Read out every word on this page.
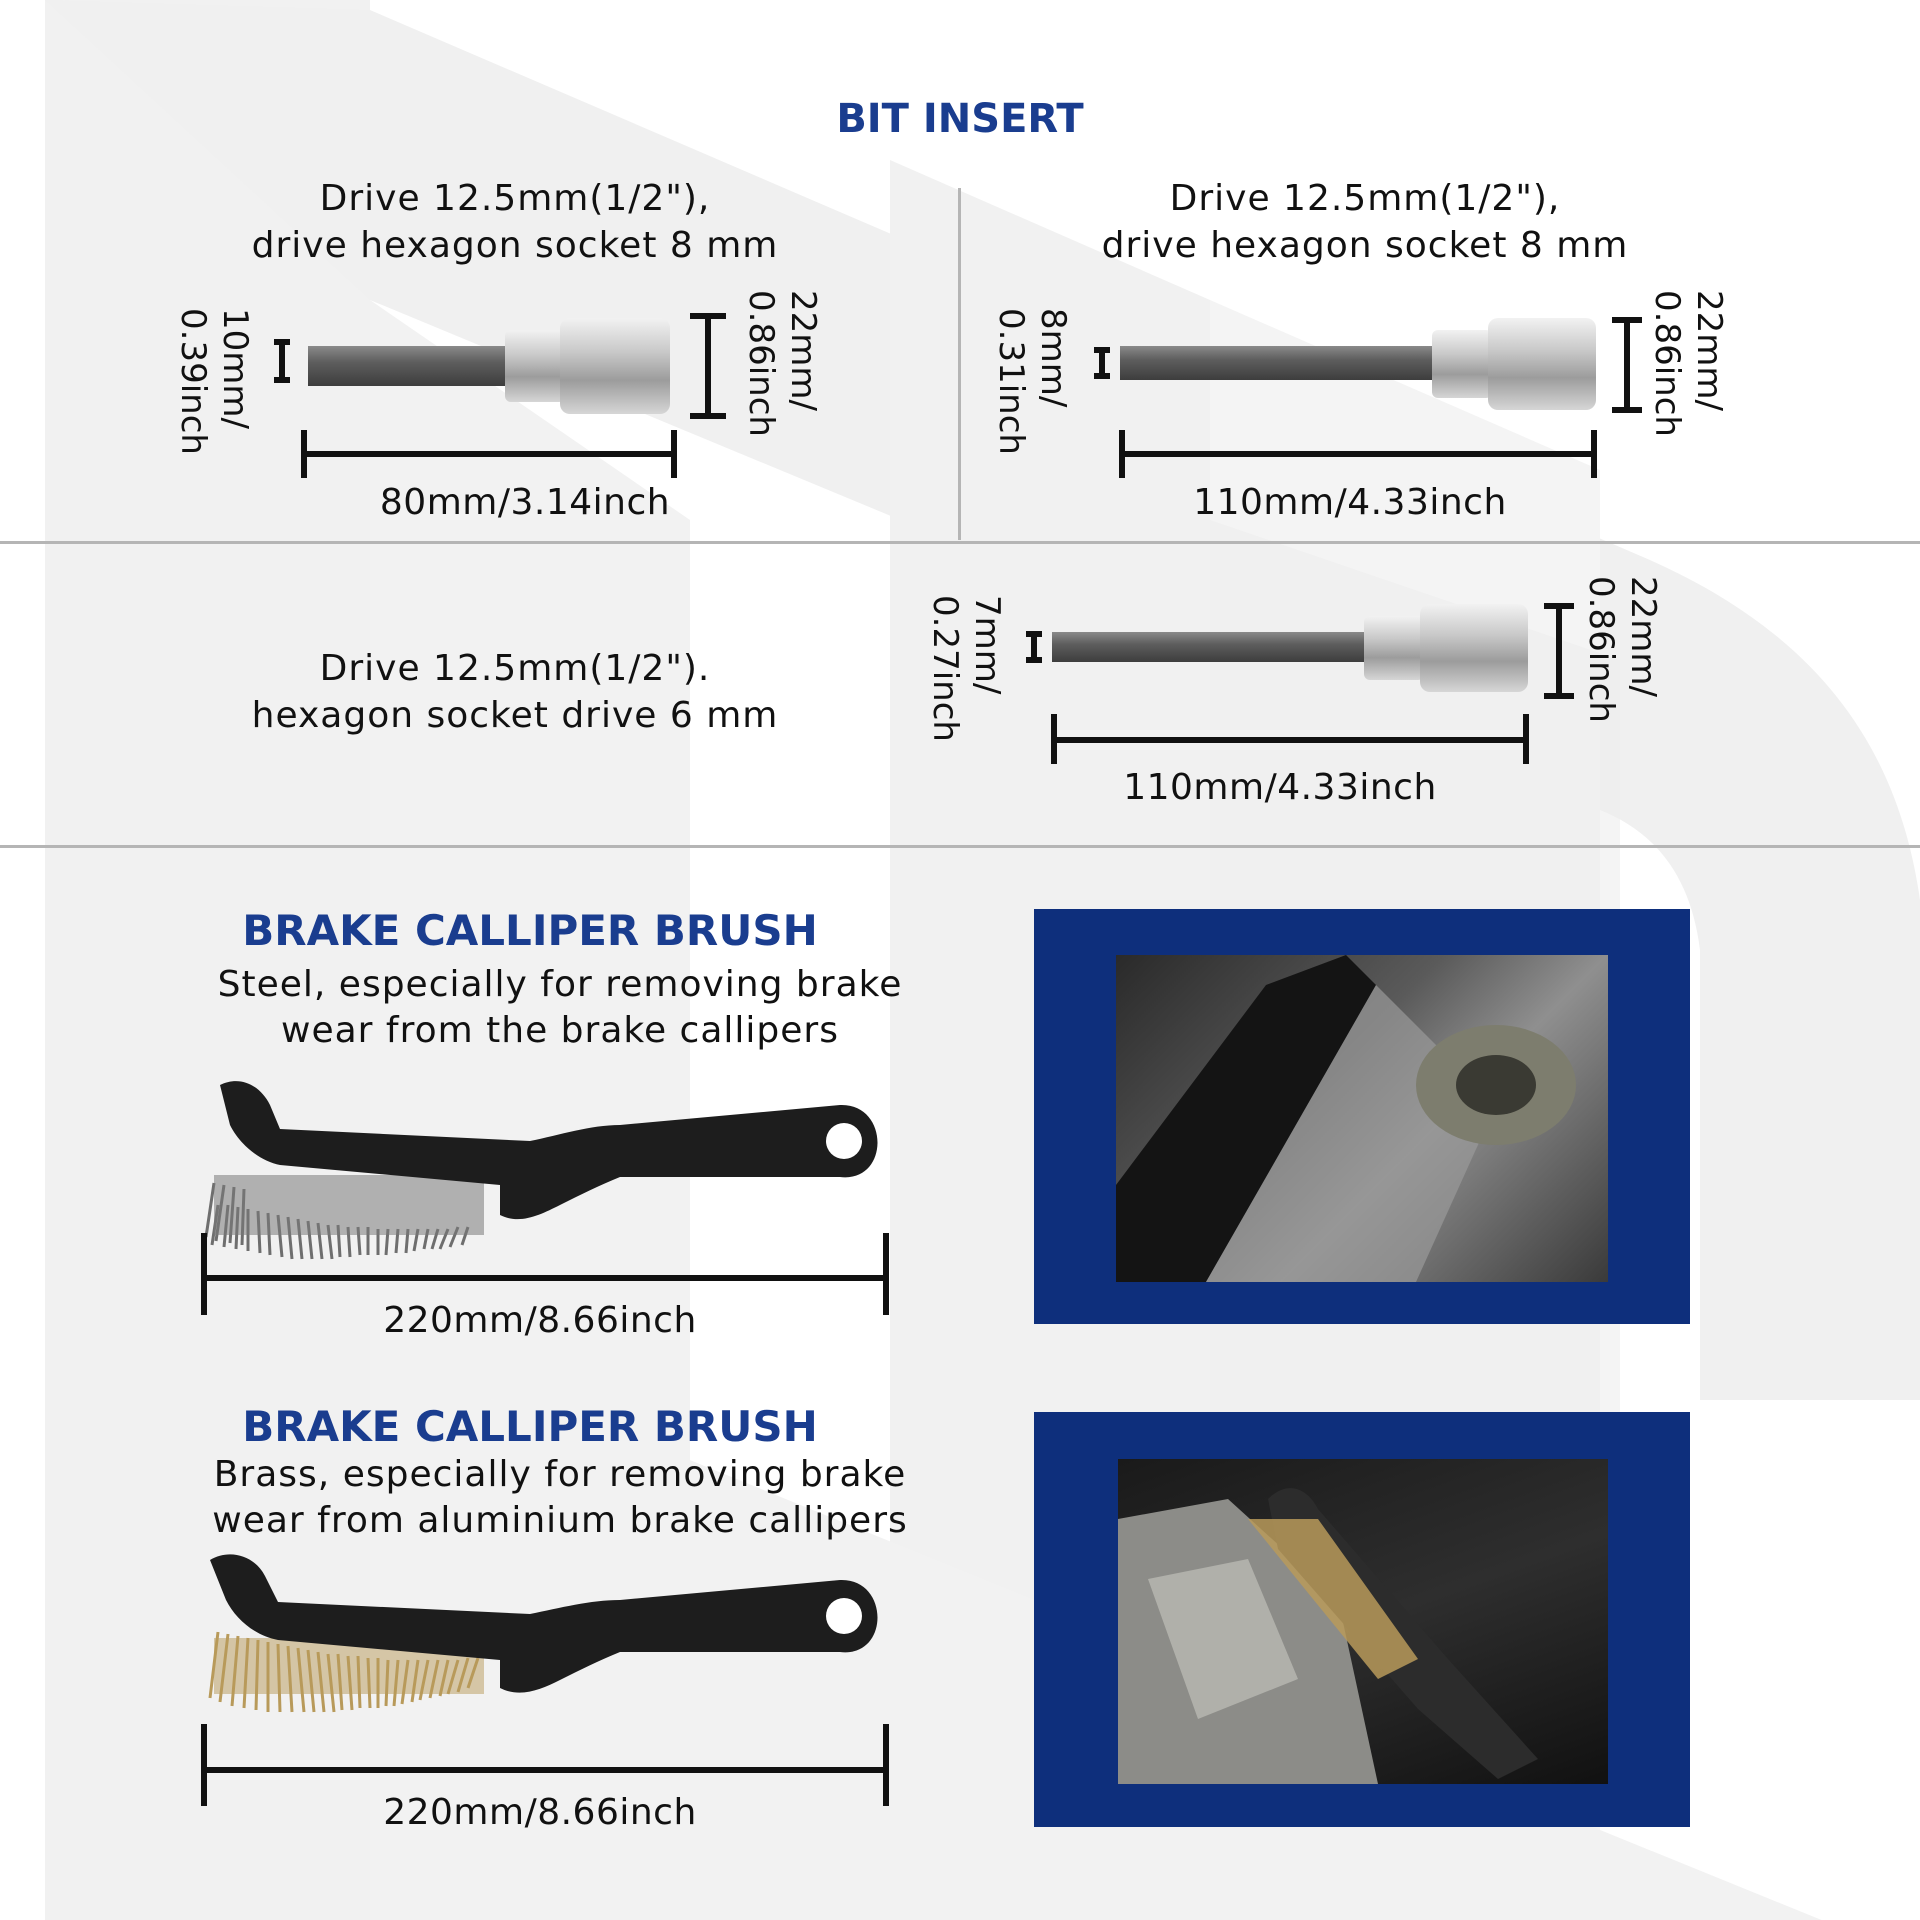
BIT INSERT
Drive 12.5mm(1/2"),
drive hexagon socket 8 mm
10mm/
0.39inch	22mm/
0.86inch
80mm/3.14inch
Drive 12.5mm(1/2"),
drive hexagon socket 8 mm
8mm/
0.31inch	22mm/
0.86inch
110mm/4.33inch
Drive 12.5mm(1/2").
hexagon socket drive 6 mm
7mm/
0.27inch	22mm/
0.86inch
110mm/4.33inch
BRAKE CALLIPER BRUSH
Steel, especially for removing brake
wear from the brake callipers
220mm/8.66inch
BRAKE CALLIPER BRUSH
Brass, especially for removing brake
wear from aluminium brake callipers
220mm/8.66inch
